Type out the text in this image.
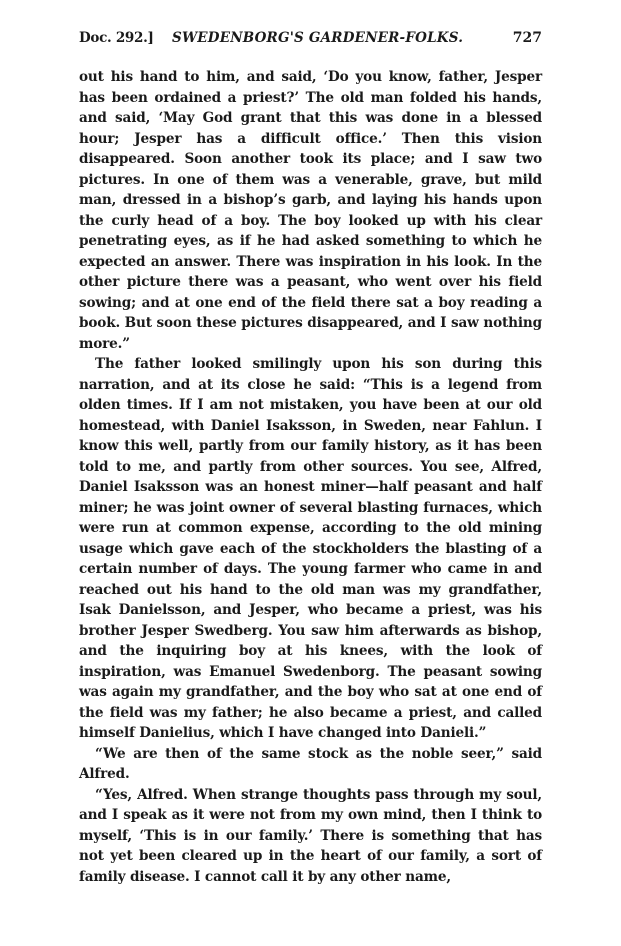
Doc. 292.] SWEDENBORG'S GARDENER-FOLKS.	727

out his hand to him, and said, ‘Do you know, father, Jesper has been ordained a priest?’ The old man folded his hands, and said, ‘May God grant that this was done in a blessed hour; Jesper has a difficult office.’ Then this vision disappeared. Soon another took its place; and I saw two pictures. In one of them was a venerable, grave, but mild man, dressed in a bishop’s garb, and laying his hands upon the curly head of a boy. The boy looked up with his clear penetrating eyes, as if he had asked something to which he expected an answer. There was inspiration in his look. In the other picture there was a peasant, who went over his field sowing; and at one end of the field there sat a boy reading a book. But soon these pictures disappeared, and I saw nothing more.”

The father looked smilingly upon his son during this narration, and at its close he said: “This is a legend from olden times. If I am not mistaken, you have been at our old homestead, with Daniel Isaksson, in Sweden, near Fahlun. I know this well, partly from our family history, as it has been told to me, and partly from other sources. You see, Alfred, Daniel Isaksson was an honest miner—half peasant and half miner; he was joint owner of several blasting furnaces, which were run at common expense, according to the old mining usage which gave each of the stockholders the blasting of a certain number of days. The young farmer who came in and reached out his hand to the old man was my grandfather, Isak Danielsson, and Jesper, who became a priest, was his brother Jesper Swedberg. You saw him afterwards as bishop, and the inquiring boy at his knees, with the look of inspiration, was Emanuel Swedenborg. The peasant sowing was again my grandfather, and the boy who sat at one end of the field was my father; he also became a priest, and called himself Danielius, which I have changed into Danieli.”

“We are then of the same stock as the noble seer,” said Alfred.

“Yes, Alfred. When strange thoughts pass through my soul, and I speak as it were not from my own mind, then I think to myself, ‘This is in our family.’ There is something that has not yet been cleared up in the heart of our family, a sort of family disease. I cannot call it by any other name,
